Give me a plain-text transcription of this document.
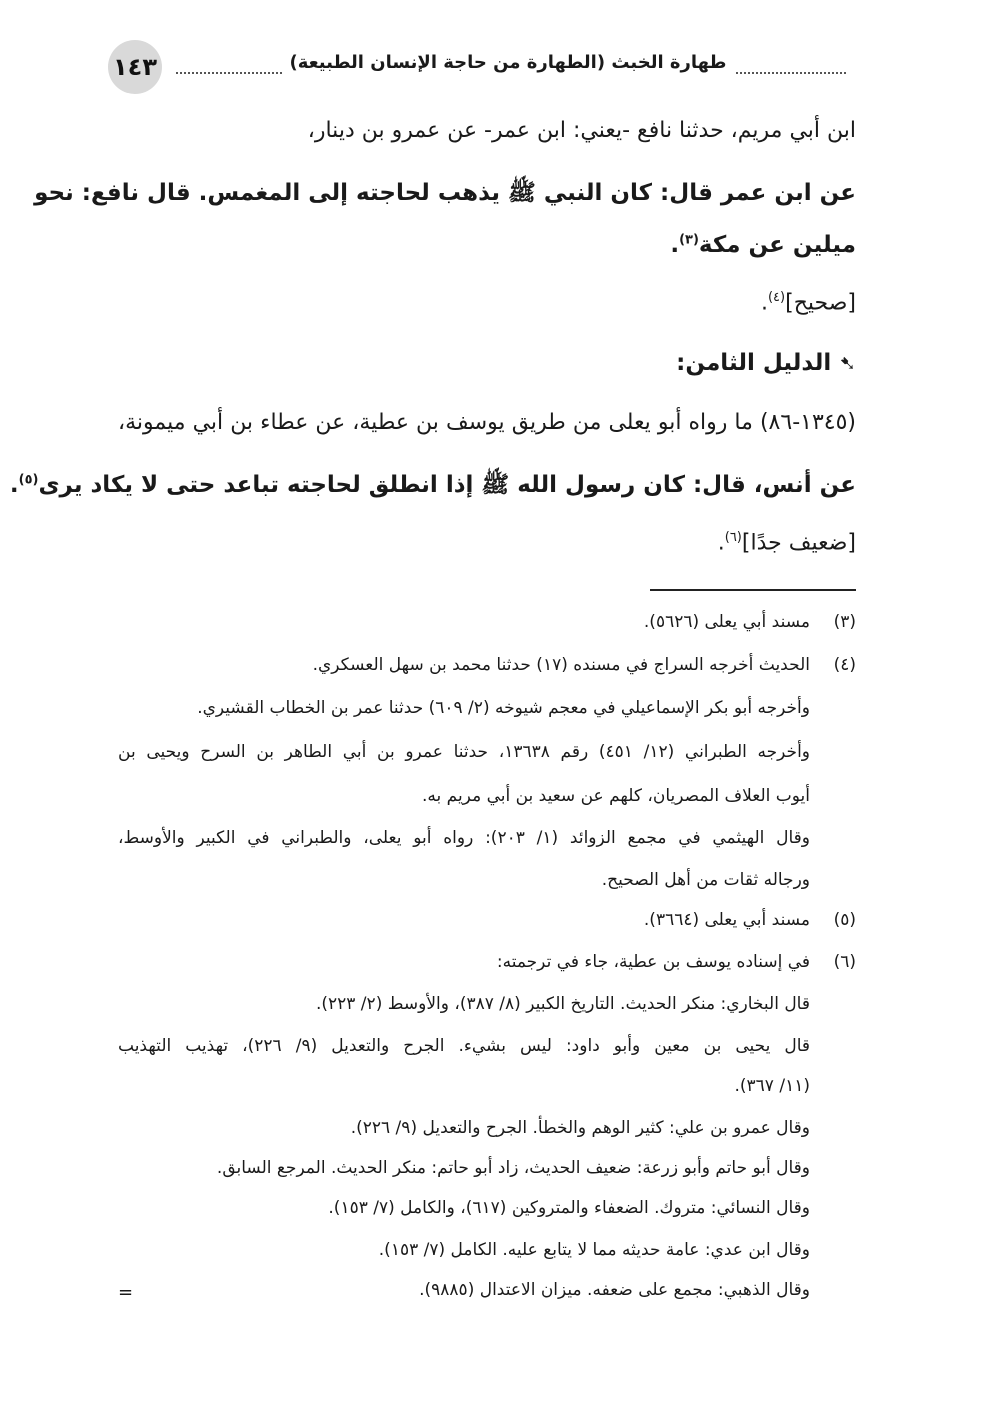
١٤٣	طهارة الخبث (الطهارة من حاجة الإنسان الطبيعة)
ابن أبي مريم، حدثنا نافع -يعني: ابن عمر- عن عمرو بن دينار،
عن ابن عمر قال: كان النبي ﷺ يذهب لحاجته إلى المغمس. قال نافع: نحو
ميلين عن مكة$^{(٣)}$.
[صحيح]$^{(٤)}$.
➷الدليل الثامن:
(١٣٤٥-٨٦) ما رواه أبو يعلى من طريق يوسف بن عطية، عن عطاء بن أبي ميمونة،
عن أنس، قال: كان رسول الله ﷺ إذا انطلق لحاجته تباعد حتى لا يكاد يرى$^{(٥)}$.
[ضعيف جدًا]$^{(٦)}$.
(٣)
مسند أبي يعلى (٥٦٢٦).
(٤)
الحديث أخرجه السراج في مسنده (١٧) حدثنا محمد بن سهل العسكري.
وأخرجه أبو بكر الإسماعيلي في معجم شيوخه (٢/ ٦٠٩) حدثنا عمر بن الخطاب القشيري.
وأخرجه الطبراني (١٢/ ٤٥١) رقم ١٣٦٣٨، حدثنا عمرو بن أبي الطاهر بن السرح ويحيى بن
أيوب العلاف المصريان، كلهم عن سعيد بن أبي مريم به.
وقال الهيثمي في مجمع الزوائد (١/ ٢٠٣): رواه أبو يعلى، والطبراني في الكبير والأوسط،
ورجاله ثقات من أهل الصحيح.
(٥)
مسند أبي يعلى (٣٦٦٤).
(٦)
في إسناده يوسف بن عطية، جاء في ترجمته:
قال البخاري: منكر الحديث. التاريخ الكبير (٨/ ٣٨٧)، والأوسط (٢/ ٢٢٣).
قال يحيى بن معين وأبو داود: ليس بشيء. الجرح والتعديل (٩/ ٢٢٦)، تهذيب التهذيب
(١١/ ٣٦٧).
وقال عمرو بن علي: كثير الوهم والخطأ. الجرح والتعديل (٩/ ٢٢٦).
وقال أبو حاتم وأبو زرعة: ضعيف الحديث، زاد أبو حاتم: منكر الحديث. المرجع السابق.
وقال النسائي: متروك. الضعفاء والمتروكين (٦١٧)، والكامل (٧/ ١٥٣).
وقال ابن عدي: عامة حديثه مما لا يتابع عليه. الكامل (٧/ ١٥٣).
وقال الذهبي: مجمع على ضعفه. ميزان الاعتدال (٩٨٨٥).
=
